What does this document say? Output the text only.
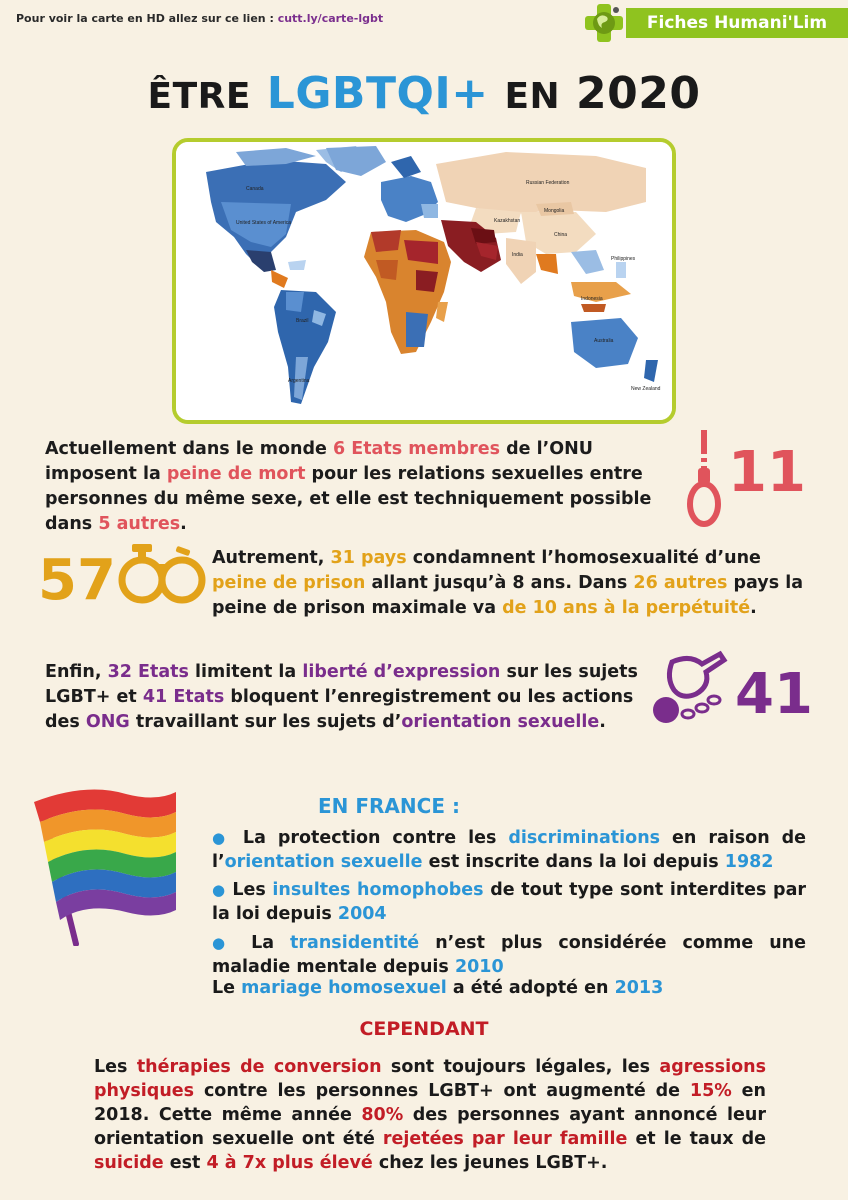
Pour voir la carte en HD allez sur ce lien : cutt.ly/carte-lgbt	Fiches Humani'Lim
ÊTRE LGBTQI+ EN 2020
Canada
United States of America
Russian Federation
Kazakhstan
Mongolia
China
India
Brazil
Australia
New Zealand
Indonesia
Philippines
Argentina
Actuellement dans le monde 6 Etats membres de l’ONU imposent la peine de mort pour les relations sexuelles entre personnes du même sexe, et elle est techniquement possible dans 5 autres.
11
57	Autrement, 31 pays condamnent l’homosexualité d’une peine de prison allant jusqu’à 8 ans. Dans 26 autres pays la peine de prison maximale va de 10 ans à la perpétuité.
Enfin, 32 Etats limitent la liberté d’expression sur les sujets LGBT+ et 41 Etats bloquent l’enregistrement ou les actions des ONG travaillant sur les sujets d’orientation sexuelle.	41
EN FRANCE :
● La protection contre les discriminations en raison de l’orientation sexuelle est inscrite dans la loi depuis 1982
● Les insultes homophobes de tout type sont interdites par la loi depuis 2004
● La transidentité n’est plus considérée comme une maladie mentale depuis 2010
Le mariage homosexuel a été adopté en 2013
CEPENDANT
Les thérapies de conversion sont toujours légales, les agressions physiques contre les personnes LGBT+ ont augmenté de 15% en 2018. Cette même année 80% des personnes ayant annoncé leur orientation sexuelle ont été rejetées par leur famille et le taux de suicide est 4 à 7x plus élevé chez les jeunes LGBT+.
